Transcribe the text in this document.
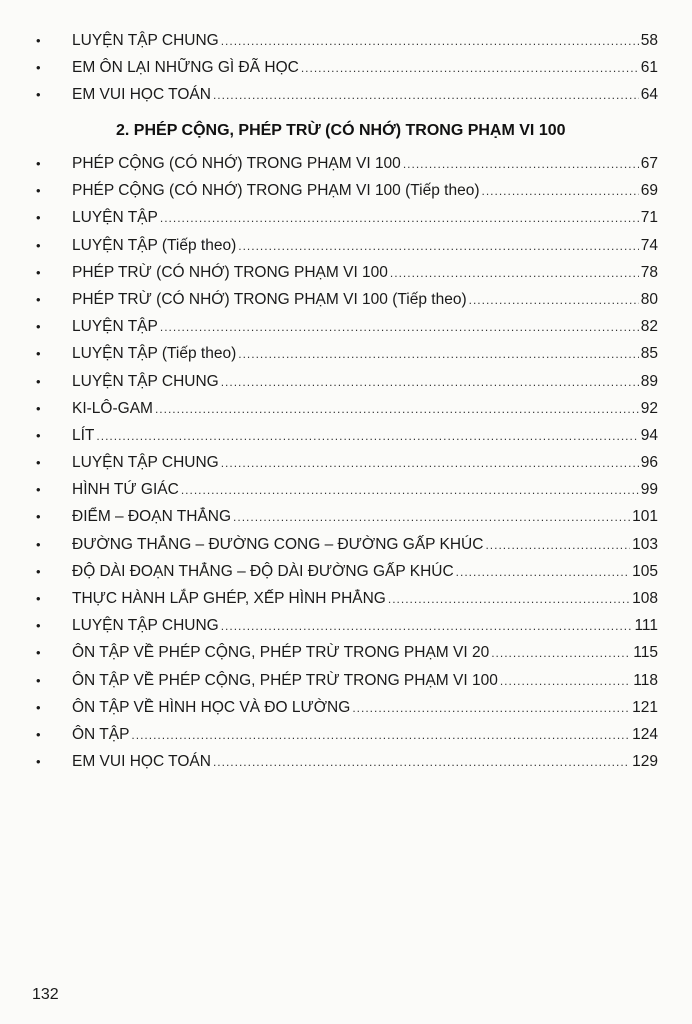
•	LUYỆN TẬP CHUNG .....	58
•	EM ÔN LẠI NHỮNG GÌ ĐÃ HỌC .....	61
•	EM VUI HỌC TOÁN .....	64
2. PHÉP CỘNG, PHÉP TRỪ (CÓ NHỚ) TRONG PHẠM VI 100
•	PHÉP CỘNG (CÓ NHỚ) TRONG PHẠM VI 100 .....	67
•	PHÉP CỘNG (CÓ NHỚ) TRONG PHẠM VI 100 (Tiếp theo) .....	69
•	LUYỆN TẬP .....	71
•	LUYỆN TẬP (Tiếp theo) .....	74
•	PHÉP TRỪ (CÓ NHỚ) TRONG PHẠM VI 100 .....	78
•	PHÉP TRỪ (CÓ NHỚ) TRONG PHẠM VI 100 (Tiếp theo) .....	80
•	LUYỆN TẬP .....	82
•	LUYỆN TẬP (Tiếp theo) .....	85
•	LUYỆN TẬP CHUNG .....	89
•	KI-LÔ-GAM .....	92
•	LÍT .....	94
•	LUYỆN TẬP CHUNG .....	96
•	HÌNH TỨ GIÁC .....	99
•	ĐIỂM – ĐOẠN THẲNG .....	101
•	ĐƯỜNG THẲNG – ĐƯỜNG CONG – ĐƯỜNG GẤP KHÚC .....	103
•	ĐỘ DÀI ĐOẠN THẲNG – ĐỘ DÀI ĐƯỜNG GẤP KHÚC .....	105
•	THỰC HÀNH LẮP GHÉP, XẾP HÌNH PHẲNG .....	108
•	LUYỆN TẬP CHUNG .....	111
•	ÔN TẬP VỀ PHÉP CỘNG, PHÉP TRỪ TRONG PHẠM VI 20 .....	115
•	ÔN TẬP VỀ PHÉP CỘNG, PHÉP TRỪ TRONG PHẠM VI 100 .....	118
•	ÔN TẬP VỀ HÌNH HỌC VÀ ĐO LƯỜNG .....	121
•	ÔN TẬP .....	124
•	EM VUI HỌC TOÁN .....	129
132
